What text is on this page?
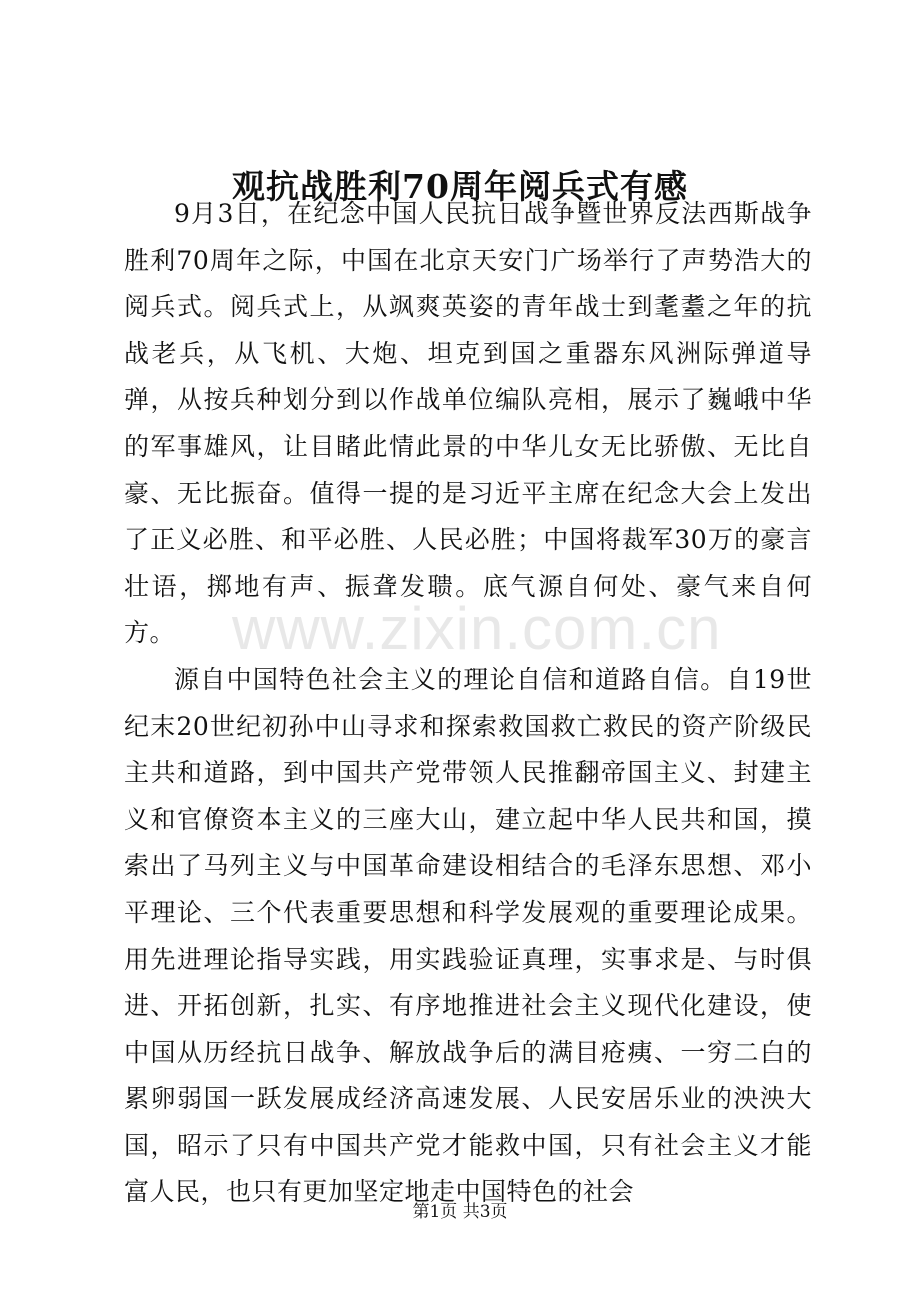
观抗战胜利70周年阅兵式有感

9月3日，在纪念中国人民抗日战争暨世界反法西斯战争胜利70周年之际，中国在北京天安门广场举行了声势浩大的阅兵式。阅兵式上，从飒爽英姿的青年战士到耄耋之年的抗战老兵，从飞机、大炮、坦克到国之重器东风洲际弹道导弹，从按兵种划分到以作战单位编队亮相，展示了巍峨中华的军事雄风，让目睹此情此景的中华儿女无比骄傲、无比自豪、无比振奋。值得一提的是习近平主席在纪念大会上发出了正义必胜、和平必胜、人民必胜；中国将裁军30万的豪言壮语，掷地有声、振聋发聩。底气源自何处、豪气来自何方。

源自中国特色社会主义的理论自信和道路自信。自19世纪末20世纪初孙中山寻求和探索救国救亡救民的资产阶级民主共和道路，到中国共产党带领人民推翻帝国主义、封建主义和官僚资本主义的三座大山，建立起中华人民共和国，摸索出了马列主义与中国革命建设相结合的毛泽东思想、邓小平理论、三个代表重要思想和科学发展观的重要理论成果。用先进理论指导实践，用实践验证真理，实事求是、与时俱进、开拓创新，扎实、有序地推进社会主义现代化建设，使中国从历经抗日战争、解放战争后的满目疮痍、一穷二白的累卵弱国一跃发展成经济高速发展、人民安居乐业的泱泱大国，昭示了只有中国共产党才能救中国，只有社会主义才能富人民，也只有更加坚定地走中国特色的社会

www.zixin.com.cn
第1页 共3页
